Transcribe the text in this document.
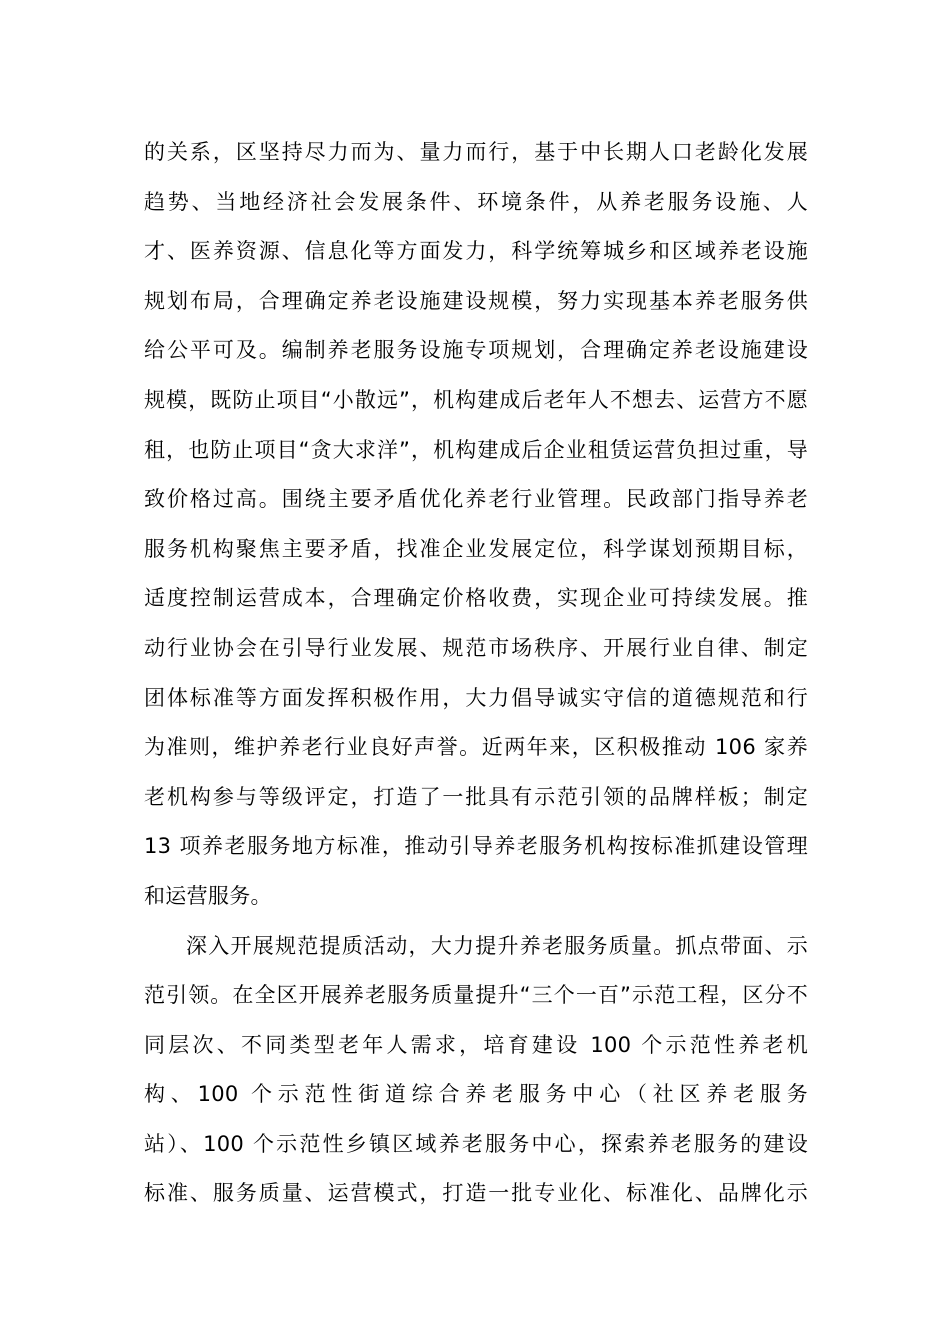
的关系，区坚持尽力而为、量力而行，基于中长期人口老龄化发展
趋势、当地经济社会发展条件、环境条件，从养老服务设施、人
才、医养资源、信息化等方面发力，科学统筹城乡和区域养老设施
规划布局，合理确定养老设施建设规模，努力实现基本养老服务供
给公平可及。编制养老服务设施专项规划，合理确定养老设施建设
规模，既防止项目“小散远”，机构建成后老年人不想去、运营方不愿
租，也防止项目“贪大求洋”，机构建成后企业租赁运营负担过重，导
致价格过高。围绕主要矛盾优化养老行业管理。民政部门指导养老
服务机构聚焦主要矛盾，找准企业发展定位，科学谋划预期目标，
适度控制运营成本，合理确定价格收费，实现企业可持续发展。推
动行业协会在引导行业发展、规范市场秩序、开展行业自律、制定
团体标准等方面发挥积极作用，大力倡导诚实守信的道德规范和行
为准则，维护养老行业良好声誉。近两年来，区积极推动 106 家养
老机构参与等级评定，打造了一批具有示范引领的品牌样板；制定
13 项养老服务地方标准，推动引导养老服务机构按标准抓建设管理
和运营服务。
深入开展规范提质活动，大力提升养老服务质量。抓点带面、示
范引领。在全区开展养老服务质量提升“三个一百”示范工程，区分不
同层次、不同类型老年人需求，培育建设 100 个示范性养老机
构、100 个示范性街道综合养老服务中心（社区养老服务
站）、100 个示范性乡镇区域养老服务中心，探索养老服务的建设
标准、服务质量、运营模式，打造一批专业化、标准化、品牌化示
